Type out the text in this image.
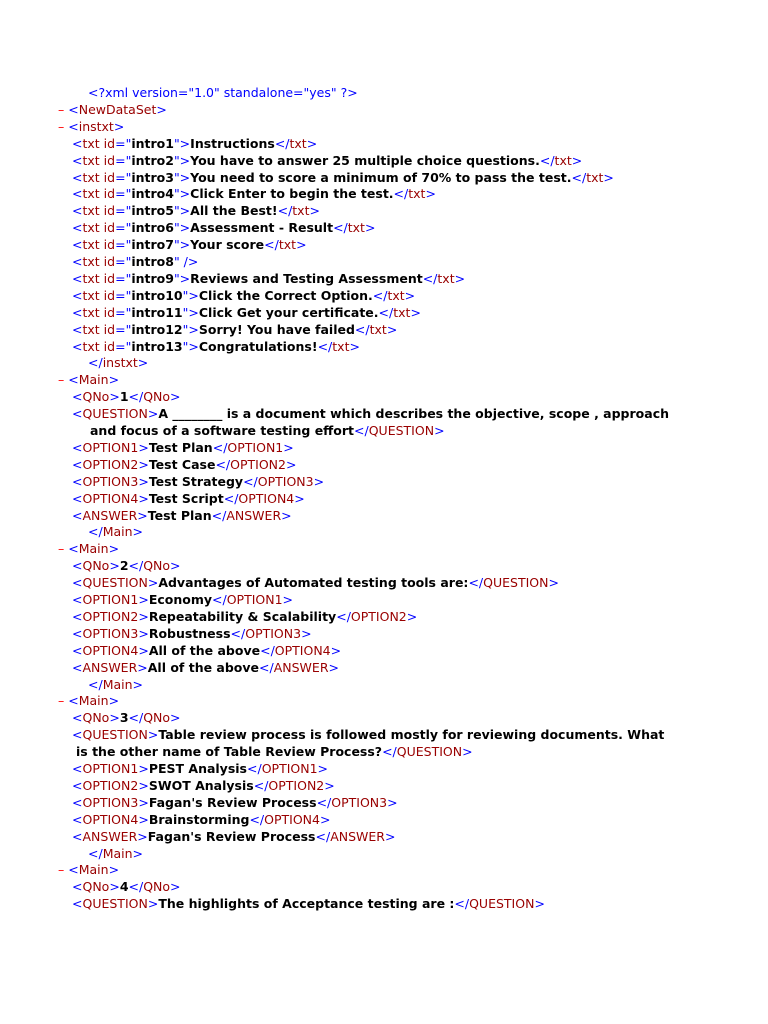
<?xml version="1.0" standalone="yes" ?>
– <NewDataSet>
– <instxt>
<txt id="intro1">Instructions</txt>
<txt id="intro2">You have to answer 25 multiple choice questions.</txt>
<txt id="intro3">You need to score a minimum of 70% to pass the test.</txt>
<txt id="intro4">Click Enter to begin the test.</txt>
<txt id="intro5">All the Best!</txt>
<txt id="intro6">Assessment - Result</txt>
<txt id="intro7">Your score</txt>
<txt id="intro8" />
<txt id="intro9">Reviews and Testing Assessment</txt>
<txt id="intro10">Click the Correct Option.</txt>
<txt id="intro11">Click Get your certificate.</txt>
<txt id="intro12">Sorry! You have failed</txt>
<txt id="intro13">Congratulations!</txt>
</instxt>
– <Main>
<QNo>1</QNo>
<QUESTION>A ________ is a document which describes the objective, scope , approach
and focus of a software testing effort</QUESTION>
<OPTION1>Test Plan</OPTION1>
<OPTION2>Test Case</OPTION2>
<OPTION3>Test Strategy</OPTION3>
<OPTION4>Test Script</OPTION4>
<ANSWER>Test Plan</ANSWER>
</Main>
– <Main>
<QNo>2</QNo>
<QUESTION>Advantages of Automated testing tools are:</QUESTION>
<OPTION1>Economy</OPTION1>
<OPTION2>Repeatability & Scalability</OPTION2>
<OPTION3>Robustness</OPTION3>
<OPTION4>All of the above</OPTION4>
<ANSWER>All of the above</ANSWER>
</Main>
– <Main>
<QNo>3</QNo>
<QUESTION>Table review process is followed mostly for reviewing documents. What
is the other name of Table Review Process?</QUESTION>
<OPTION1>PEST Analysis</OPTION1>
<OPTION2>SWOT Analysis</OPTION2>
<OPTION3>Fagan's Review Process</OPTION3>
<OPTION4>Brainstorming</OPTION4>
<ANSWER>Fagan's Review Process</ANSWER>
</Main>
– <Main>
<QNo>4</QNo>
<QUESTION>The highlights of Acceptance testing are :</QUESTION>
